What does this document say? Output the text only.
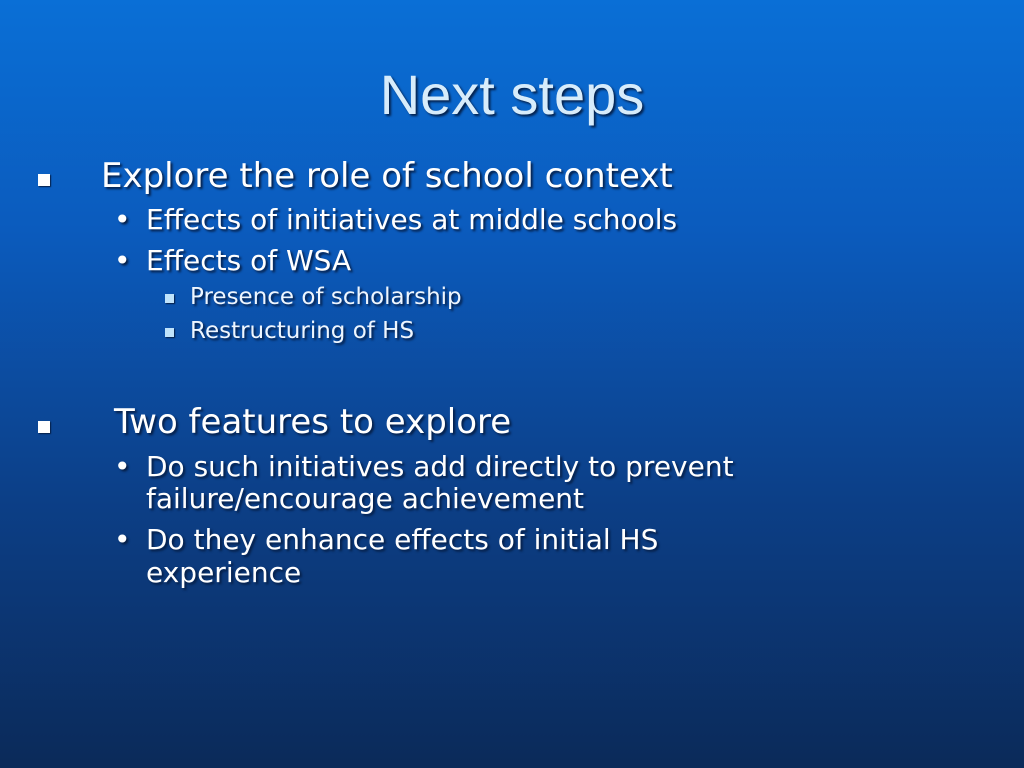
Next steps
Explore the role of school context
• Effects of initiatives at middle schools
• Effects of WSA
Presence of scholarship
Restructuring of HS
Two features to explore
• Do such initiatives add directly to prevent
failure/encourage achievement
• Do they enhance effects of initial HS
experience
